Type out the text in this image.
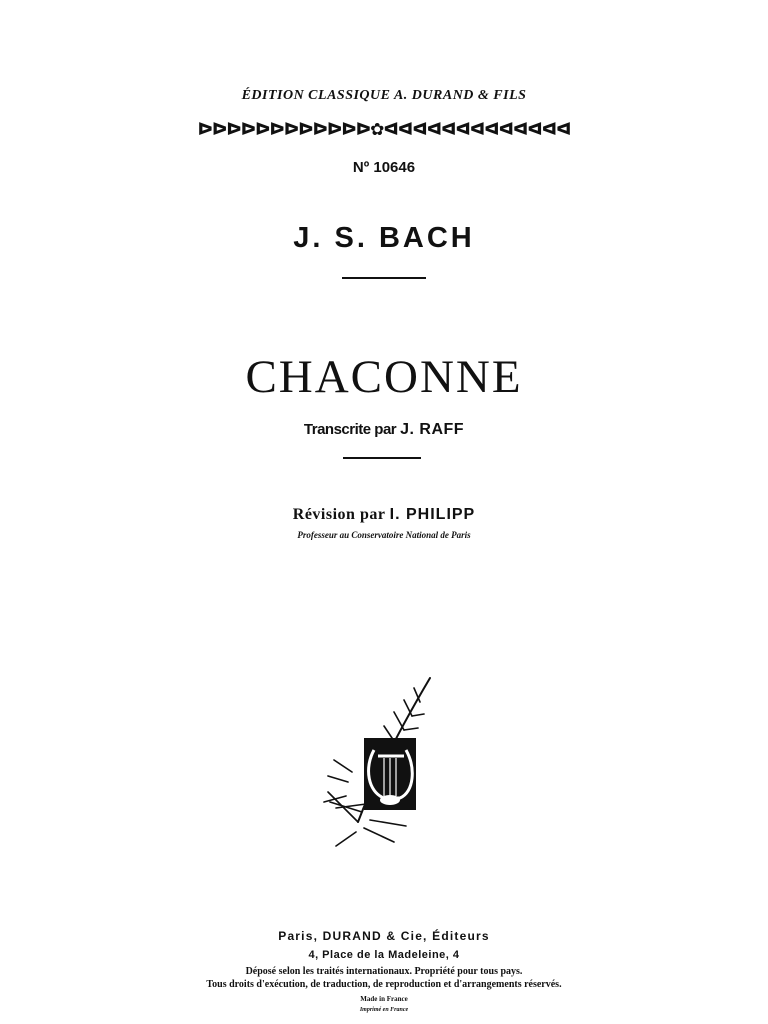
ÉDITION CLASSIQUE A. DURAND & FILS
ᐅᐅᐅᐅᐅᐅᐅᐅᐅᐅᐅᐅ✿ᐊᐊᐊᐊᐊᐊᐊᐊᐊᐊᐊᐊᐊ
Nº 10646
J. S. BACH
CHACONNE
Transcrite par J. RAFF
Révision par I. PHILIPP
Professeur au Conservatoire National de Paris
Paris, DURAND & Cie, Éditeurs
4, Place de la Madeleine, 4
Déposé selon les traités internationaux. Propriété pour tous pays.
Tous droits d'exécution, de traduction, de reproduction et d'arrangements réservés.
Made in France
Imprimé en France
